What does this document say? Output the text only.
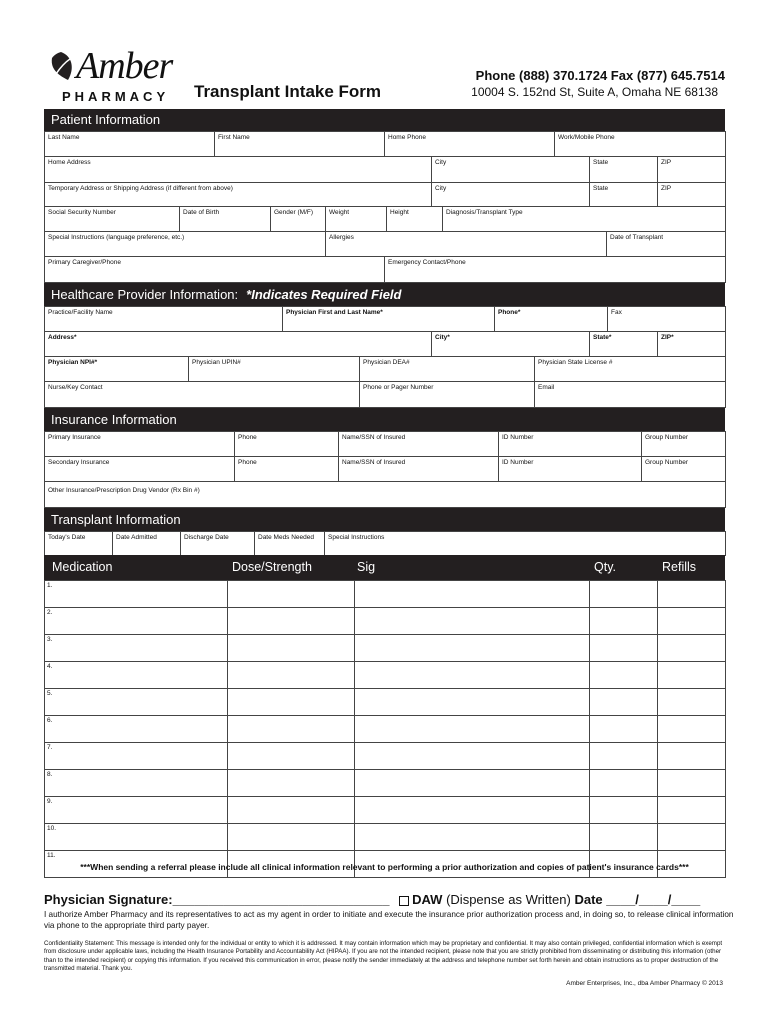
Amber
PHARMACY Transplant Intake Form
Phone (888) 370.1724 Fax (877) 645.7514
10004 S. 152nd St, Suite A, Omaha NE 68138
Patient Information
Last Name	First Name	Home Phone	Work/Mobile Phone
Home Address	City	State	ZIP
Temporary Address or Shipping Address (if different from above)	City	State	ZIP
Social Security Number	Date of Birth	Gender (M/F)	Weight	Height	Diagnosis/Transplant Type
Special Instructions (language preference, etc.)	Allergies	Date of Transplant
Primary Caregiver/Phone	Emergency Contact/Phone
Healthcare Provider Information: *Indicates Required Field
Practice/Facility Name	Physician First and Last Name*	Phone*	Fax
Address*	City*	State*	ZIP*
Physician NPI#*	Physician UPIN#	Physician DEA#	Physician State License #
Nurse/Key Contact	Phone or Pager Number	Email
Insurance Information
Primary Insurance	Phone	Name/SSN of Insured	ID Number	Group Number
Secondary Insurance	Phone	Name/SSN of Insured	ID Number	Group Number
Other Insurance/Prescription Drug Vendor (Rx Bin #)				
Transplant Information
Today's Date	Date Admitted	Discharge Date	Date Meds Needed	Special Instructions
Medication	Dose/Strength	Sig	Qty.	Refills
1.				
2.				
3.				
4.				
5.				
6.				
7.				
8.				
9.				
10.				
11.				
***When sending a referral please include all clinical information relevant to performing a prior authorization and copies of patient's insurance cards***
Physician Signature:______________________________ DAW (Dispense as Written) Date ____/____/____
I authorize Amber Pharmacy and its representatives to act as my agent in order to initiate and execute the insurance prior authorization process and, in doing so, to release clinical information via phone to the appropriate third party payer.
Confidentiality Statement: This message is intended only for the individual or entity to which it is addressed. It may contain information which may be proprietary and confidential. It may also contain privileged, confidential information which is exempt from disclosure under applicable laws, including the Health Insurance Portability and Accountability Act (HIPAA). If you are not the intended recipient, please note that you are strictly prohibited from disseminating or distributing this information (other than to the intended recipient) or copying this information. If you received this communication in error, please notify the sender immediately at the address and telephone number set forth herein and obtain instructions as to proper destruction of the transmitted material. Thank you.
Amber Enterprises, Inc., dba Amber Pharmacy © 2013
